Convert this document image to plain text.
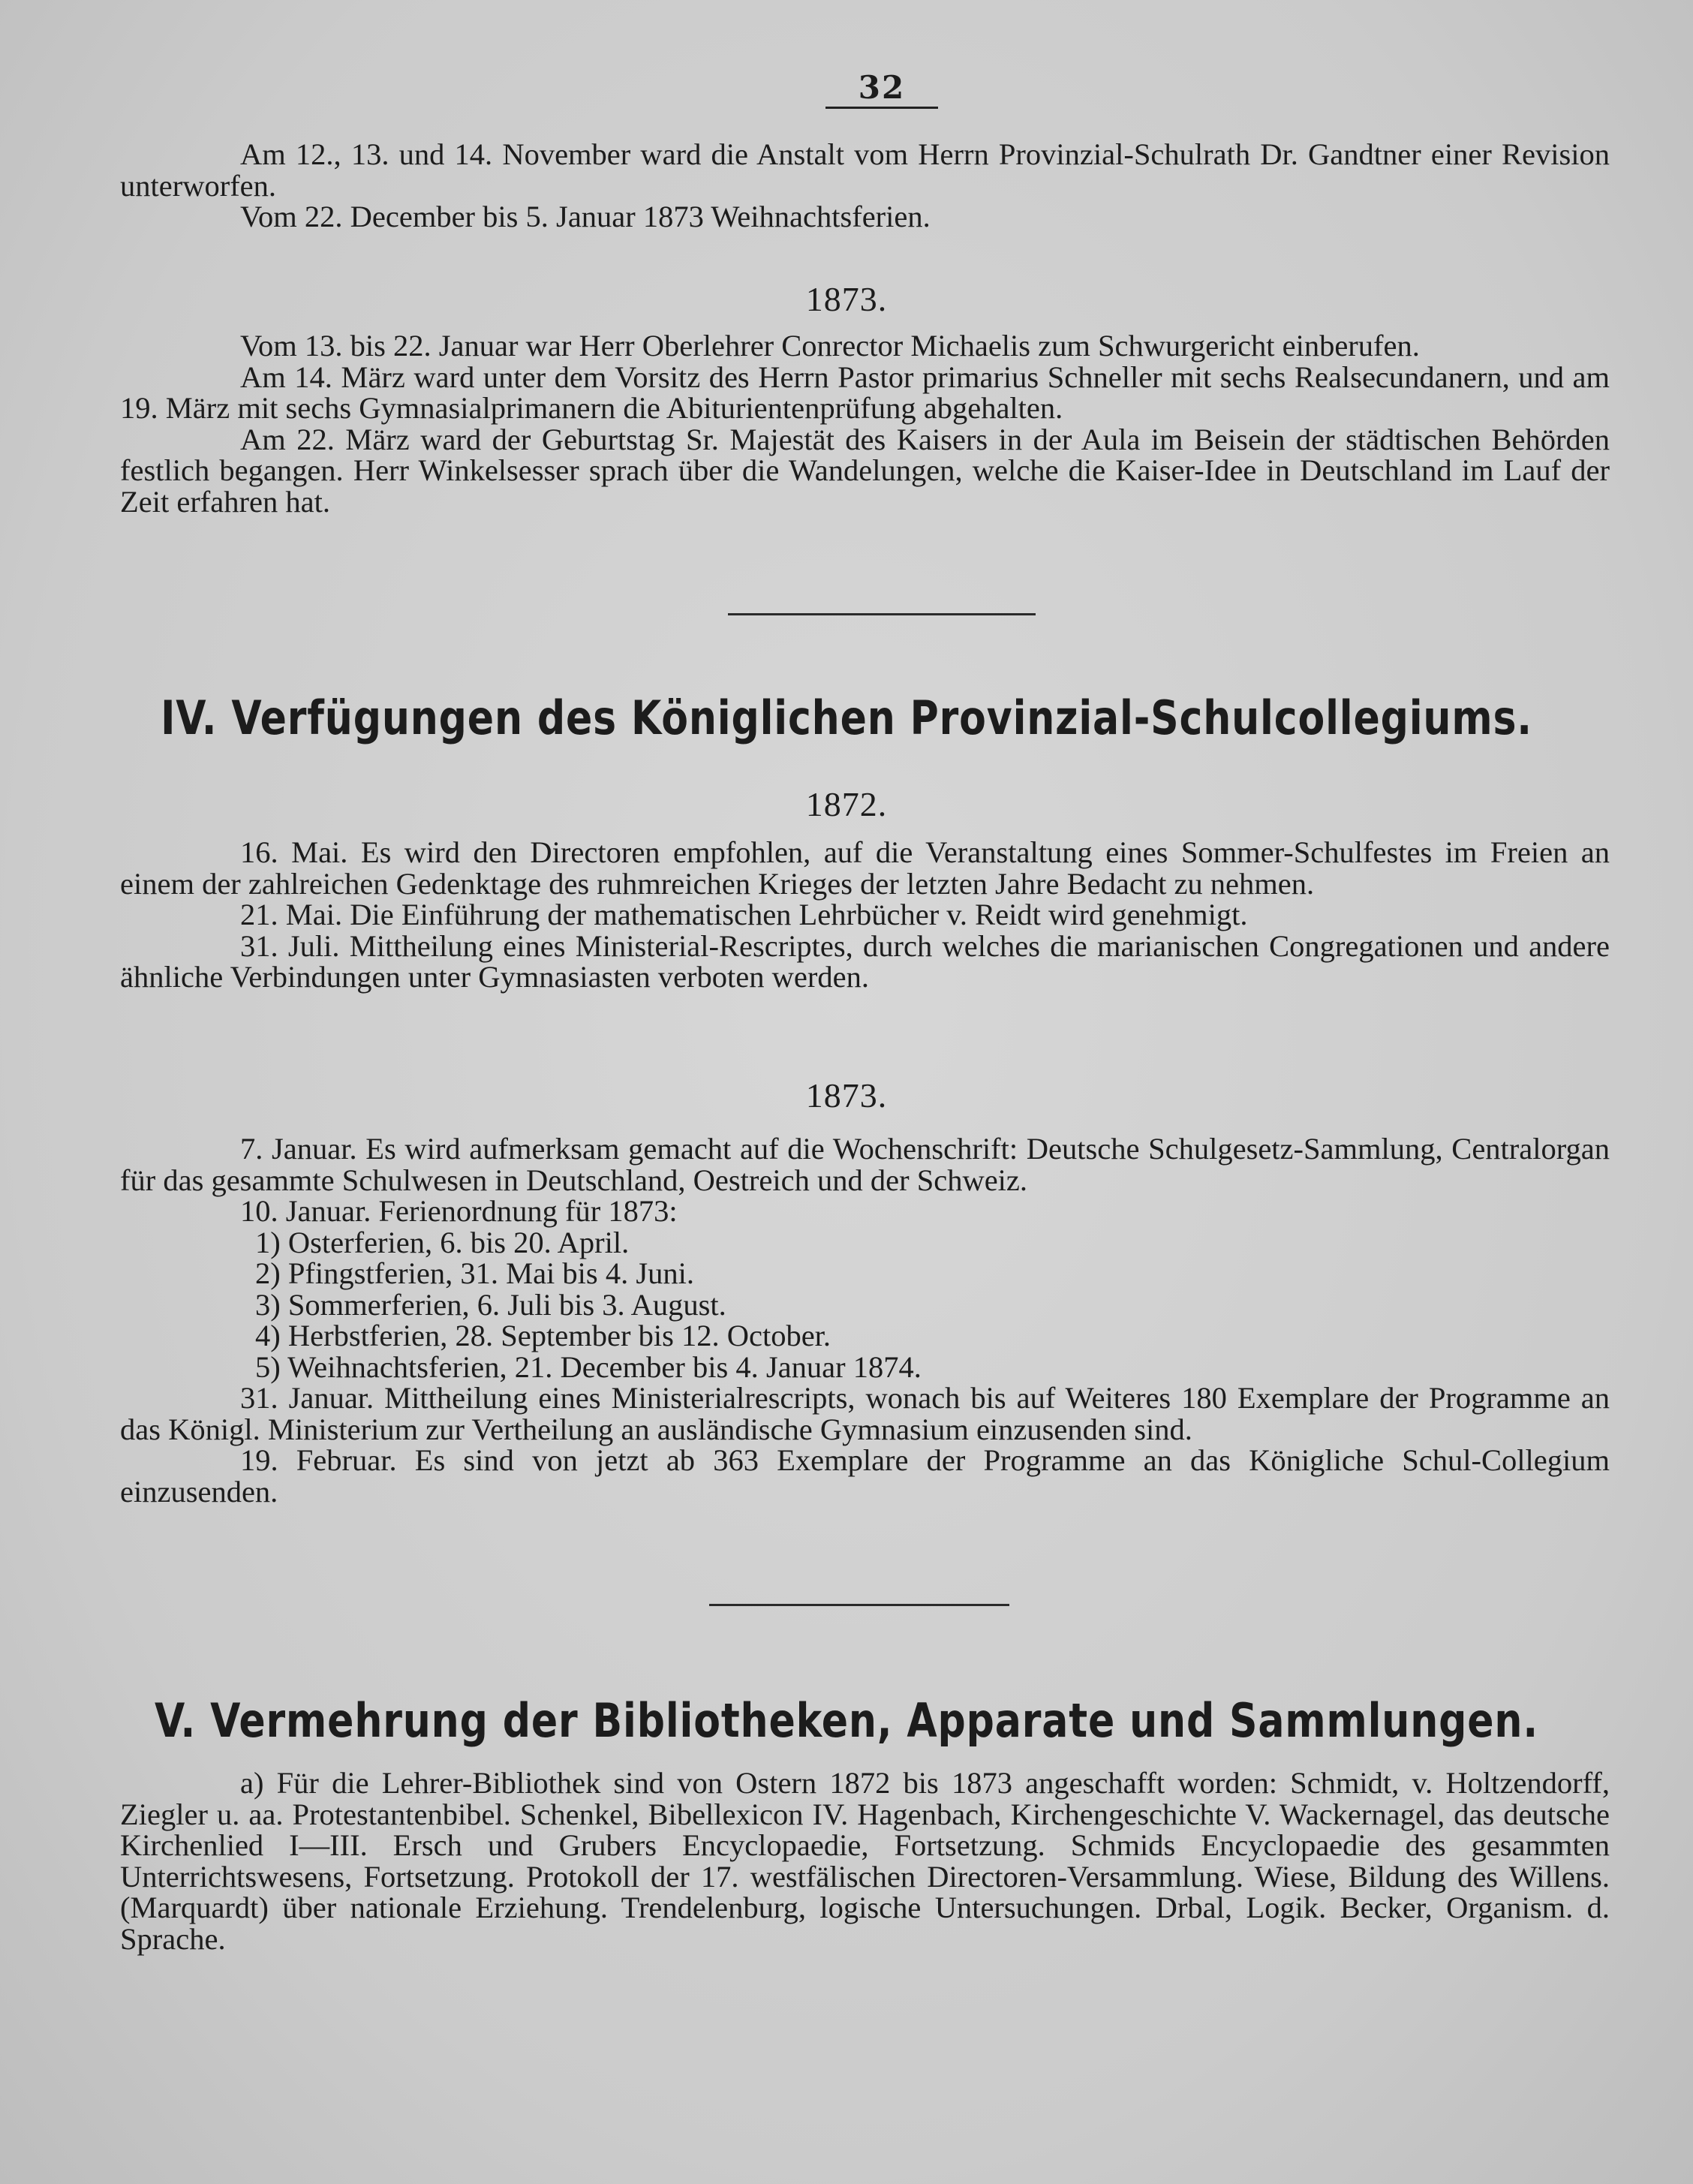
32

Am 12., 13. und 14. November ward die Anstalt vom Herrn Provinzial-Schulrath Dr. Gandtner einer Revision unterworfen.

Vom 22. December bis 5. Januar 1873 Weihnachtsferien.

1873.

Vom 13. bis 22. Januar war Herr Oberlehrer Conrector Michaelis zum Schwurgericht einberufen.

Am 14. März ward unter dem Vorsitz des Herrn Pastor primarius Schneller mit sechs Realsecundanern, und am 19. März mit sechs Gymnasialprimanern die Abiturientenprüfung abgehalten.

Am 22. März ward der Geburtstag Sr. Majestät des Kaisers in der Aula im Beisein der städtischen Behörden festlich begangen. Herr Winkelsesser sprach über die Wandelungen, welche die Kaiser-Idee in Deutschland im Lauf der Zeit erfahren hat.

IV. Verfügungen des Königlichen Provinzial-Schulcollegiums.
1872.

16. Mai. Es wird den Directoren empfohlen, auf die Veranstaltung eines Sommer-Schulfestes im Freien an einem der zahlreichen Gedenktage des ruhmreichen Krieges der letzten Jahre Bedacht zu nehmen.

21. Mai. Die Einführung der mathematischen Lehrbücher v. Reidt wird genehmigt.

31. Juli. Mittheilung eines Ministerial-Rescriptes, durch welches die marianischen Congregationen und andere ähnliche Verbindungen unter Gymnasiasten verboten werden.

1873.

7. Januar. Es wird aufmerksam gemacht auf die Wochenschrift: Deutsche Schulgesetz-Sammlung, Centralorgan für das gesammte Schulwesen in Deutschland, Oestreich und der Schweiz.

10. Januar. Ferienordnung für 1873:

1) Osterferien, 6. bis 20. April.

2) Pfingstferien, 31. Mai bis 4. Juni.

3) Sommerferien, 6. Juli bis 3. August.

4) Herbstferien, 28. September bis 12. October.

5) Weihnachtsferien, 21. December bis 4. Januar 1874.

31. Januar. Mittheilung eines Ministerialrescripts, wonach bis auf Weiteres 180 Exemplare der Programme an das Königl. Ministerium zur Vertheilung an ausländische Gymnasium einzusenden sind.

19. Februar. Es sind von jetzt ab 363 Exemplare der Programme an das Königliche Schul-Collegium einzusenden.

V. Vermehrung der Bibliotheken, Apparate und Sammlungen.

a) Für die Lehrer-Bibliothek sind von Ostern 1872 bis 1873 angeschafft worden: Schmidt, v. Holtzendorff, Ziegler u. aa. Protestantenbibel. Schenkel, Bibellexicon IV. Hagenbach, Kirchengeschichte V. Wackernagel, das deutsche Kirchenlied I—III. Ersch und Grubers Encyclopaedie, Fortsetzung. Schmids Encyclopaedie des gesammten Unterrichtswesens, Fortsetzung. Protokoll der 17. westfälischen Directoren-Versammlung. Wiese, Bildung des Willens. (Marquardt) über nationale Erziehung. Trendelenburg, logische Untersuchungen. Drbal, Logik. Becker, Organism. d. Sprache.
